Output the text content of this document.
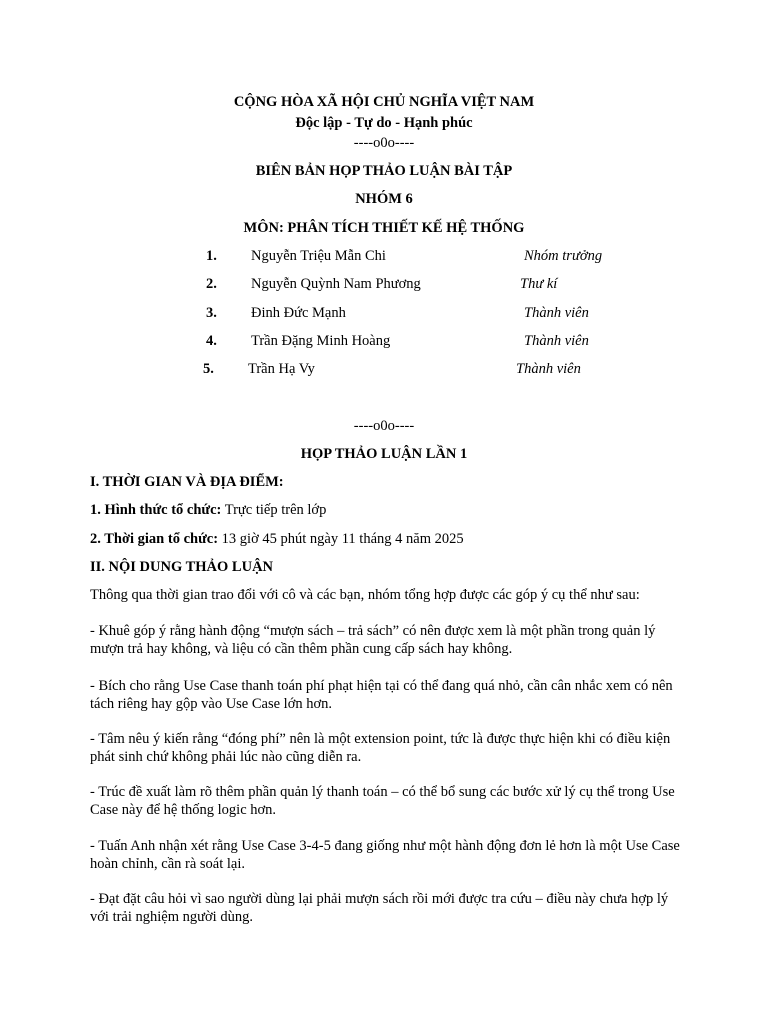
CỘNG HÒA XÃ HỘI CHỦ NGHĨA VIỆT NAM
Độc lập - Tự do - Hạnh phúc
----o0o----
BIÊN BẢN HỌP THẢO LUẬN BÀI TẬP
NHÓM 6
MÔN: PHÂN TÍCH THIẾT KẾ HỆ THỐNG
1. Nguyễn Triệu Mẫn Chi	Nhóm trưởng
2. Nguyễn Quỳnh Nam Phương	Thư kí
3. Đinh Đức Mạnh	Thành viên
4. Trần Đặng Minh Hoàng	Thành viên
5. Trần Hạ Vy	Thành viên
----o0o----
HỌP THẢO LUẬN LẦN 1
I. THỜI GIAN VÀ ĐỊA ĐIỂM:
1. Hình thức tổ chức: Trực tiếp trên lớp
2. Thời gian tổ chức: 13 giờ 45 phút ngày 11 tháng 4 năm 2025
II. NỘI DUNG THẢO LUẬN
Thông qua thời gian trao đổi với cô và các bạn, nhóm tổng hợp được các góp ý cụ thể như sau:
- Khuê góp ý rằng hành động “mượn sách – trả sách” có nên được xem là một phần trong quản lý mượn trả hay không, và liệu có cần thêm phần cung cấp sách hay không.
- Bích cho rằng Use Case thanh toán phí phạt hiện tại có thể đang quá nhỏ, cần cân nhắc xem có nên tách riêng hay gộp vào Use Case lớn hơn.
- Tâm nêu ý kiến rằng “đóng phí” nên là một extension point, tức là được thực hiện khi có điều kiện phát sinh chứ không phải lúc nào cũng diễn ra.
- Trúc đề xuất làm rõ thêm phần quản lý thanh toán – có thể bổ sung các bước xử lý cụ thể trong Use Case này để hệ thống logic hơn.
- Tuấn Anh nhận xét rằng Use Case 3-4-5 đang giống như một hành động đơn lẻ hơn là một Use Case hoàn chỉnh, cần rà soát lại.
- Đạt đặt câu hỏi vì sao người dùng lại phải mượn sách rồi mới được tra cứu – điều này chưa hợp lý với trải nghiệm người dùng.
